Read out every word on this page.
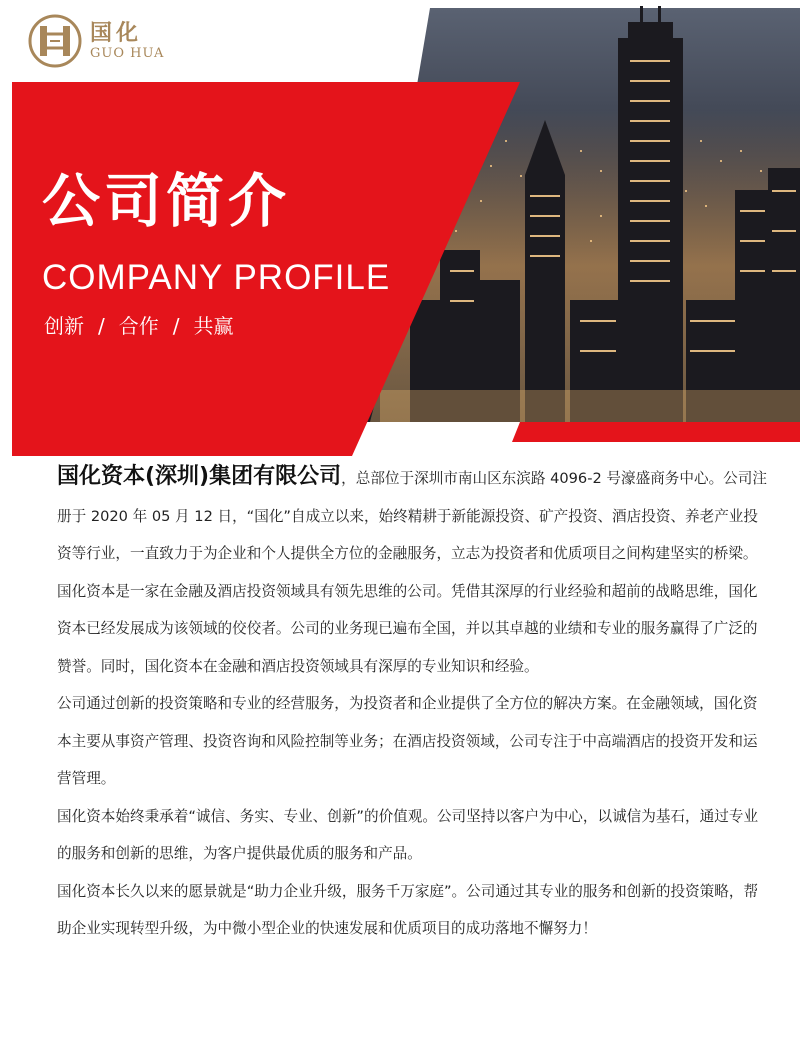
国化
GUO HUA
公司简介
COMPANY PROFILE
创新 / 合作 / 共赢

国化资本(深圳)集团有限公司，总部位于深圳市南山区东滨路 4096-2 号濠盛商务中心。公司注册于 2020 年 05 月 12 日，“国化”自成立以来，始终精耕于新能源投资、矿产投资、酒店投资、养老产业投资等行业，一直致力于为企业和个人提供全方位的金融服务，立志为投资者和优质项目之间构建坚实的桥梁。

国化资本是一家在金融及酒店投资领域具有领先思维的公司。凭借其深厚的行业经验和超前的战略思维，国化资本已经发展成为该领域的佼佼者。公司的业务现已遍布全国，并以其卓越的业绩和专业的服务赢得了广泛的赞誉。同时，国化资本在金融和酒店投资领域具有深厚的专业知识和经验。

公司通过创新的投资策略和专业的经营服务，为投资者和企业提供了全方位的解决方案。在金融领域，国化资本主要从事资产管理、投资咨询和风险控制等业务；在酒店投资领域，公司专注于中高端酒店的投资开发和运营管理。

国化资本始终秉承着“诚信、务实、专业、创新”的价值观。公司坚持以客户为中心，以诚信为基石，通过专业的服务和创新的思维，为客户提供最优质的服务和产品。

国化资本长久以来的愿景就是“助力企业升级，服务千万家庭”。公司通过其专业的服务和创新的投资策略，帮助企业实现转型升级，为中微小型企业的快速发展和优质项目的成功落地不懈努力！
